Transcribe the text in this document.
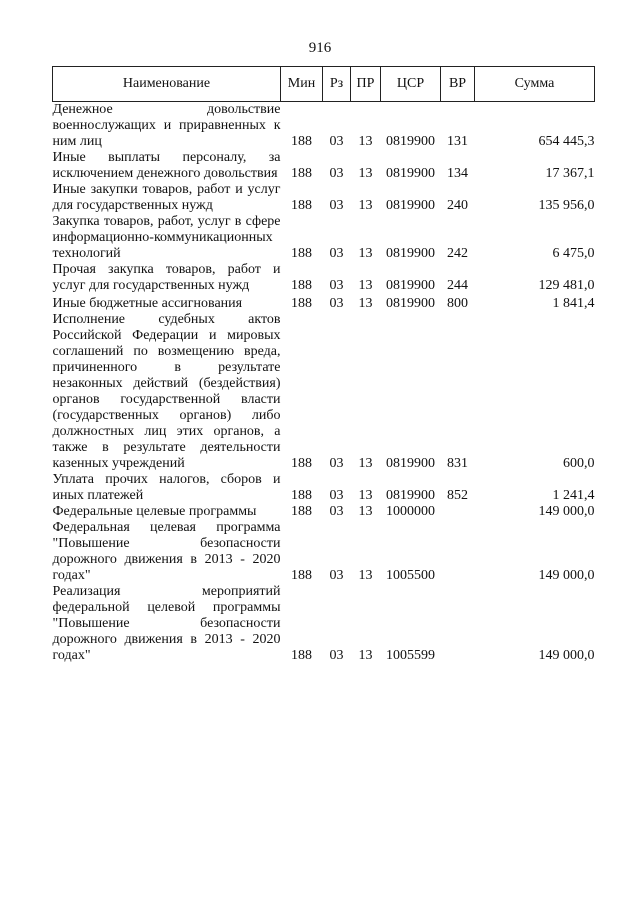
916
Наименование	Мин	Рз	ПР	ЦСР	ВР	Сумма
Денежное довольствие военнослужащих и приравненных к ним лиц	188	03	13	0819900	131	654 445,3
Иные выплаты персоналу, за исключением денежного довольствия	188	03	13	0819900	134	17 367,1
Иные закупки товаров, работ и услуг для государственных нужд	188	03	13	0819900	240	135 956,0
Закупка товаров, работ, услуг в сфере информационно-коммуникационных технологий	188	03	13	0819900	242	6 475,0
Прочая закупка товаров, работ и услуг для государственных нужд	188	03	13	0819900	244	129 481,0
Иные бюджетные ассигнования	188	03	13	0819900	800	1 841,4
Исполнение судебных актов Российской Федерации и мировых соглашений по возмещению вреда, причиненного в результате незаконных действий (бездействия) органов государственной власти (государственных органов) либо должностных лиц этих органов, а также в результате деятельности казенных учреждений	188	03	13	0819900	831	600,0
Уплата прочих налогов, сборов и иных платежей	188	03	13	0819900	852	1 241,4
Федеральные целевые программы	188	03	13	1000000		149 000,0
Федеральная целевая программа "Повышение безопасности дорожного движения в 2013 - 2020 годах"	188	03	13	1005500		149 000,0
Реализация мероприятий федеральной целевой программы "Повышение безопасности дорожного движения в 2013 - 2020 годах"	188	03	13	1005599		149 000,0
